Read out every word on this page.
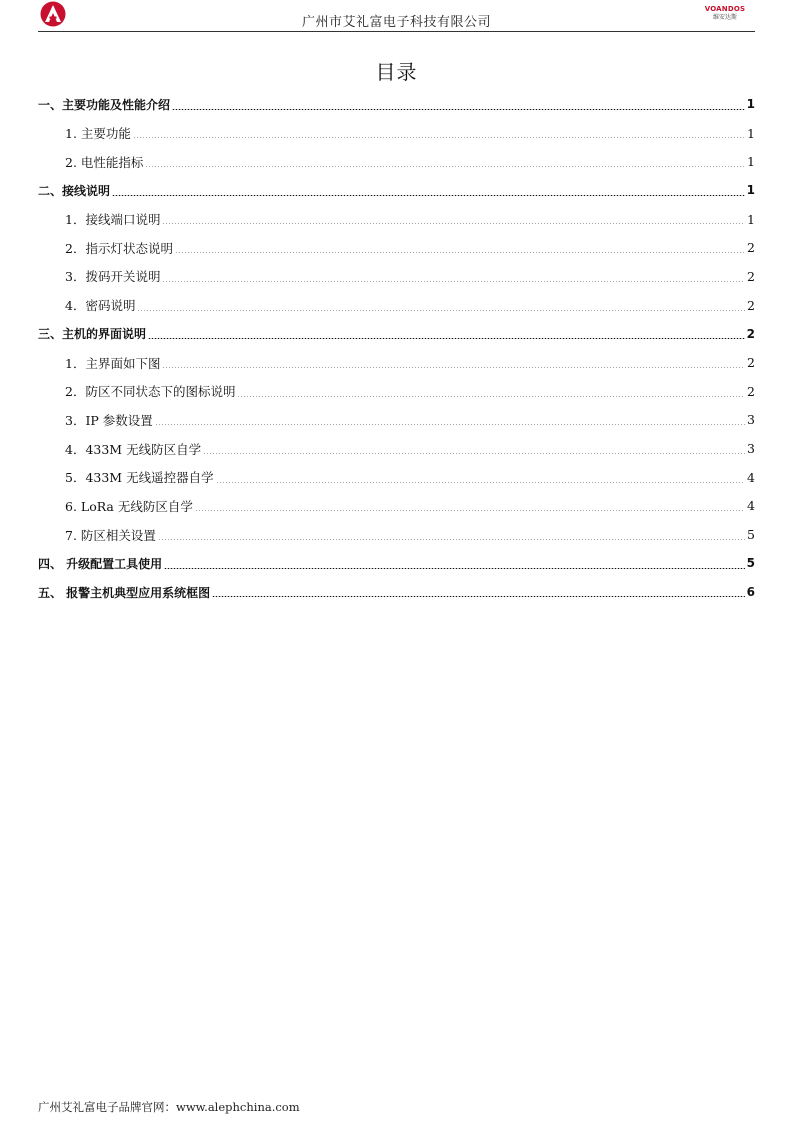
广州市艾礼富电子科技有限公司
VOANDOS
维安达斯
目录
一、主要功能及性能介绍	1
1. 主要功能	1
2. 电性能指标	1
二、接线说明	1
1．接线端口说明	1
2．指示灯状态说明	2
3．拨码开关说明	2
4．密码说明	2
三、主机的界面说明	2
1．主界面如下图	2
2．防区不同状态下的图标说明	2
3．IP 参数设置	3
4．433M 无线防区自学	3
5．433M 无线遥控器自学	4
6. LoRa 无线防区自学	4
7. 防区相关设置	5
四、 升级配置工具使用	5
五、 报警主机典型应用系统框图	6
广州艾礼富电子品牌官网：www.alephchina.com
